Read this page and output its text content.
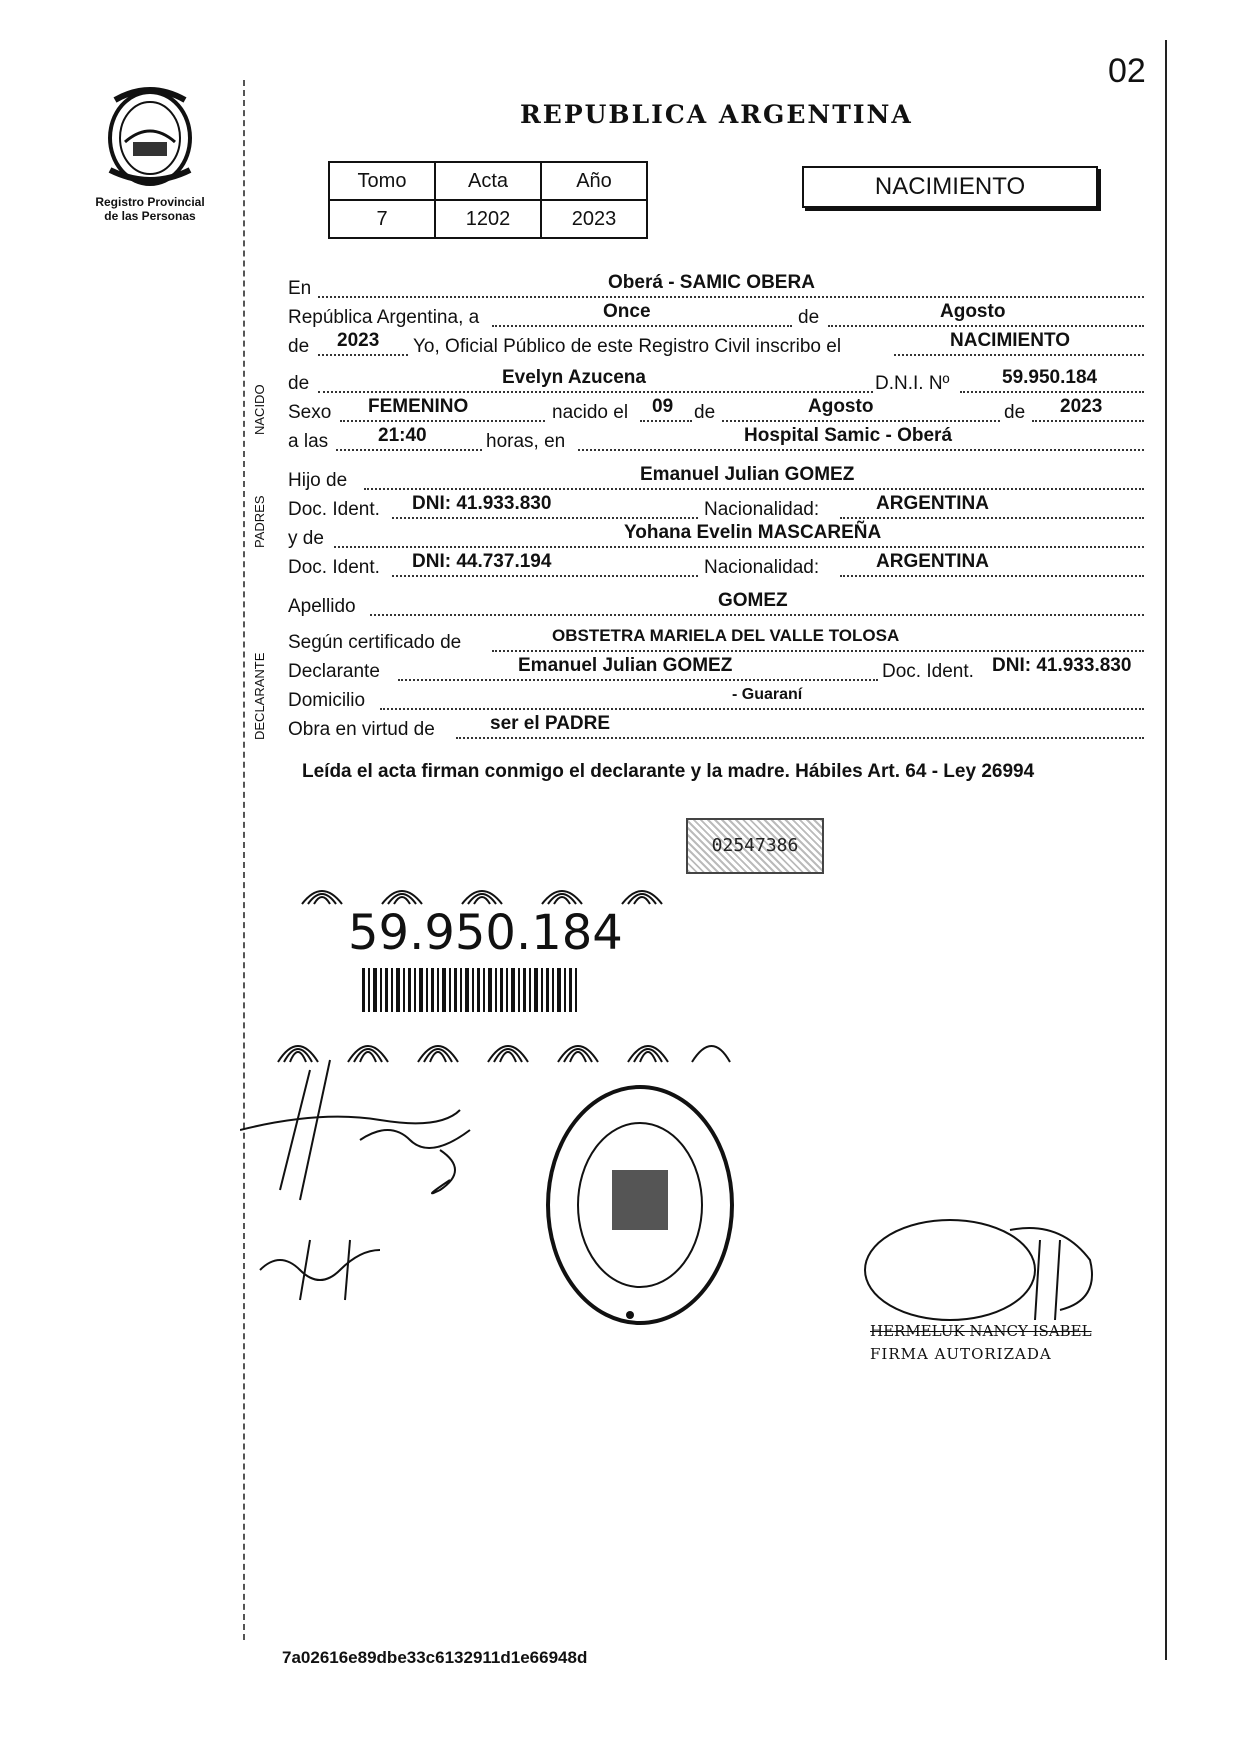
02
Registro Provincial
de las Personas
REPUBLICA ARGENTINA
Tomo	Acta	Año
7	1202	2023
NACIMIENTO
NACIDO
PADRES
DECLARANTE
En	Oberá - SAMIC OBERA
República Argentina, a	Once	de	Agosto
de 2023 Yo, Oficial Público de este Registro Civil inscribo el	NACIMIENTO
de	Evelyn Azucena	D.N.I. Nº	59.950.184
Sexo FEMENINO	nacido el 09 de	Agosto	de 2023
a las	21:40	horas, en	Hospital Samic - Oberá
Hijo de	Emanuel Julian GOMEZ
Doc. Ident. DNI: 41.933.830	Nacionalidad:	ARGENTINA
y de	Yohana Evelin MASCAREÑA
Doc. Ident. DNI: 44.737.194	Nacionalidad:	ARGENTINA
Apellido	GOMEZ
Según certificado de	OBSTETRA MARIELA DEL VALLE TOLOSA
Declarante	Emanuel Julian GOMEZ	Doc. Ident. DNI: 41.933.830
Domicilio	- Guaraní
Obra en virtud de	ser el PADRE
Leída el acta firman conmigo el declarante y la madre. Hábiles Art. 64 - Ley 26994
02547386
59.950.184
HERMELUK NANCY ISABEL
FIRMA AUTORIZADA
7a02616e89dbe33c6132911d1e66948d
